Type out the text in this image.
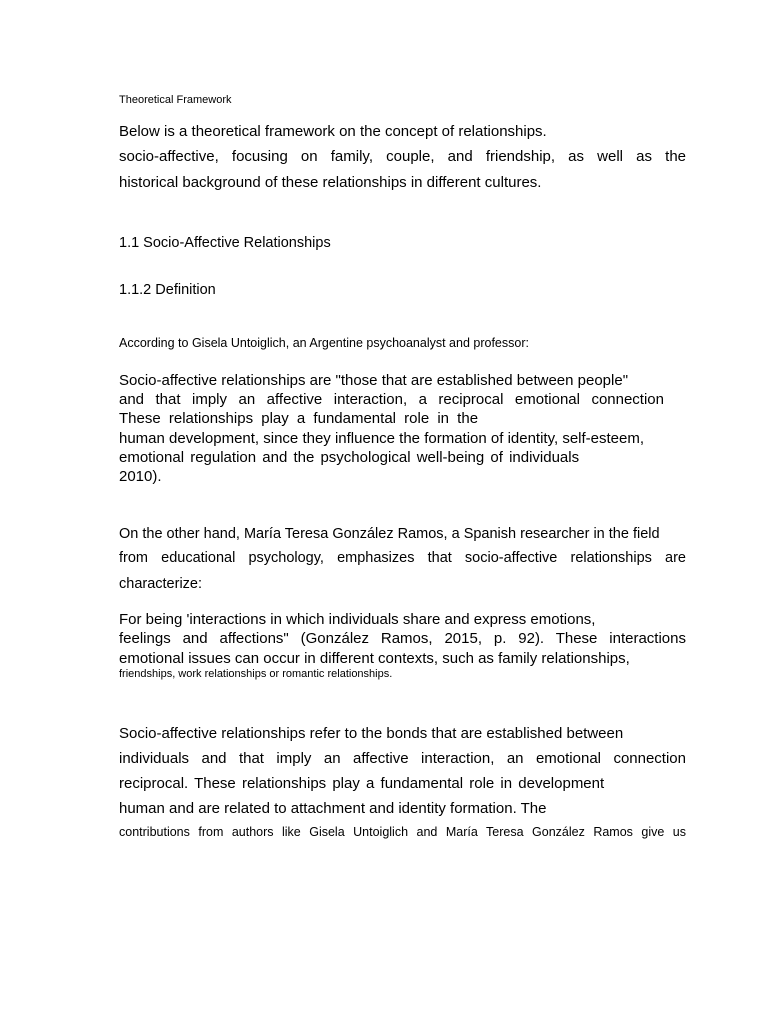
Theoretical Framework
Below is a theoretical framework on the concept of relationships.
socio-affective, focusing on family, couple, and friendship, as well as the
historical background of these relationships in different cultures.
1.1 Socio-Affective Relationships
1.1.2 Definition
According to Gisela Untoiglich, an Argentine psychoanalyst and professor:
Socio-affective relationships are "those that are established between people"
and that imply an affective interaction, a reciprocal emotional connection
These relationships play a fundamental role in the
human development, since they influence the formation of identity, self-esteem,
emotional regulation and the psychological well-being of individuals
2010).
On the other hand, María Teresa González Ramos, a Spanish researcher in the field
from educational psychology, emphasizes that socio-affective relationships are
characterize:
For being 'interactions in which individuals share and express emotions,
feelings and affections" (González Ramos, 2015, p. 92). These interactions
emotional issues can occur in different contexts, such as family relationships,
friendships, work relationships or romantic relationships.
Socio-affective relationships refer to the bonds that are established between
individuals and that imply an affective interaction, an emotional connection
reciprocal. These relationships play a fundamental role in development
human and are related to attachment and identity formation. The
contributions from authors like Gisela Untoiglich and María Teresa González Ramos give us
